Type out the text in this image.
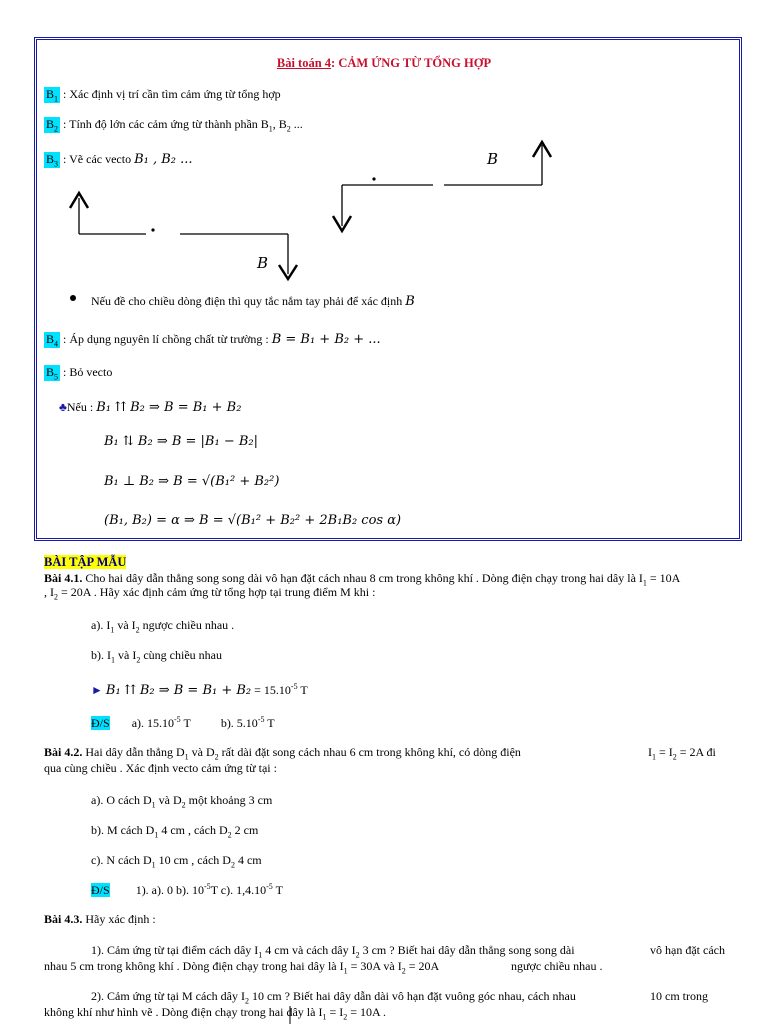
Bài toán 4: CẢM ỨNG TỪ TỔNG HỢP
$B_1$ : Xác định vị trí cần tìm cảm ứng từ tổng hợp
$B_2$ : Tính độ lớn các cảm ứng từ thành phần $B_1$, $B_2$ ...
$B_3$ : Vẽ các vecto B₁ , B₂ ...	B
B
Nếu đề cho chiều dòng điện thì quy tắc nắm tay phải để xác định B
$B_4$ : Áp dụng nguyên lí chồng chất từ trường : B = B₁ + B₂ + ...
$B_5$ : Bỏ vecto
♣Nếu : B₁ ⇈ B₂ ⇒ B = B₁ + B₂
B₁ ⇅ B₂ ⇒ B = |B₁ − B₂|
B₁ ⊥ B₂ ⇒ B = √(B₁² + B₂²)
(B₁, B₂) = α ⇒ B = √(B₁² + B₂² + 2B₁B₂ cos α)
BÀI TẬP MẪU
Bài 4.1. Cho hai dây dẫn thẳng song song dài vô hạn đặt cách nhau 8 cm trong không khí . Dòng điện chạy trong hai dây là $I_1 = 10A$
, $I_2 = 20A$ . Hãy xác định cảm ứng từ tổng hợp tại trung điểm M khi :
a). $I_1$ và $I_2$ ngược chiều nhau .
b). $I_1$ và $I_2$ cùng chiều nhau
► B₁ ⇈ B₂ ⇒ $B = B_1 + B_2 = 15.10^{-5}$ T
Đ/S a). $15.10^{-5}$ T	b). $5.10^{-5}$ T
Bài 4.2. Hai dây dẫn thẳng $D_1$ và $D_2$ rất dài đặt song cách nhau 6 cm trong không khí, có dòng điện	$I_1 = I_2 = 2A$ đi
qua cùng chiều . Xác định vecto cảm ứng từ tại :
a). O cách $D_1$ và $D_2$ một khoảng 3 cm
b). M cách $D_1$ 4 cm , cách $D_2$ 2 cm
c). N cách $D_1$ 10 cm , cách $D_2$ 4 cm
Đ/S 1). a). 0 b). $10^{-5}T$ c). $1,4.10^{-5}$ T
Bài 4.3. Hãy xác định :
1). Cảm ứng từ tại điểm cách dây $I_1$ 4 cm và cách dây $I_2$ 3 cm ? Biết hai dây dẫn thẳng song song dài	vô hạn đặt cách
nhau 5 cm trong không khí . Dòng điện chạy trong hai dây là $I_1 = 30A$ và $I_2 = 20A$	ngược chiều nhau .
2). Cảm ứng từ tại M cách dây $I_2$ 10 cm ? Biết hai dây dẫn dài vô hạn đặt vuông góc nhau, cách nhau	10 cm trong
không khí như hình vẽ . Dòng điện chạy trong hai dây là $I_1 = I_2 = 10A$ .
